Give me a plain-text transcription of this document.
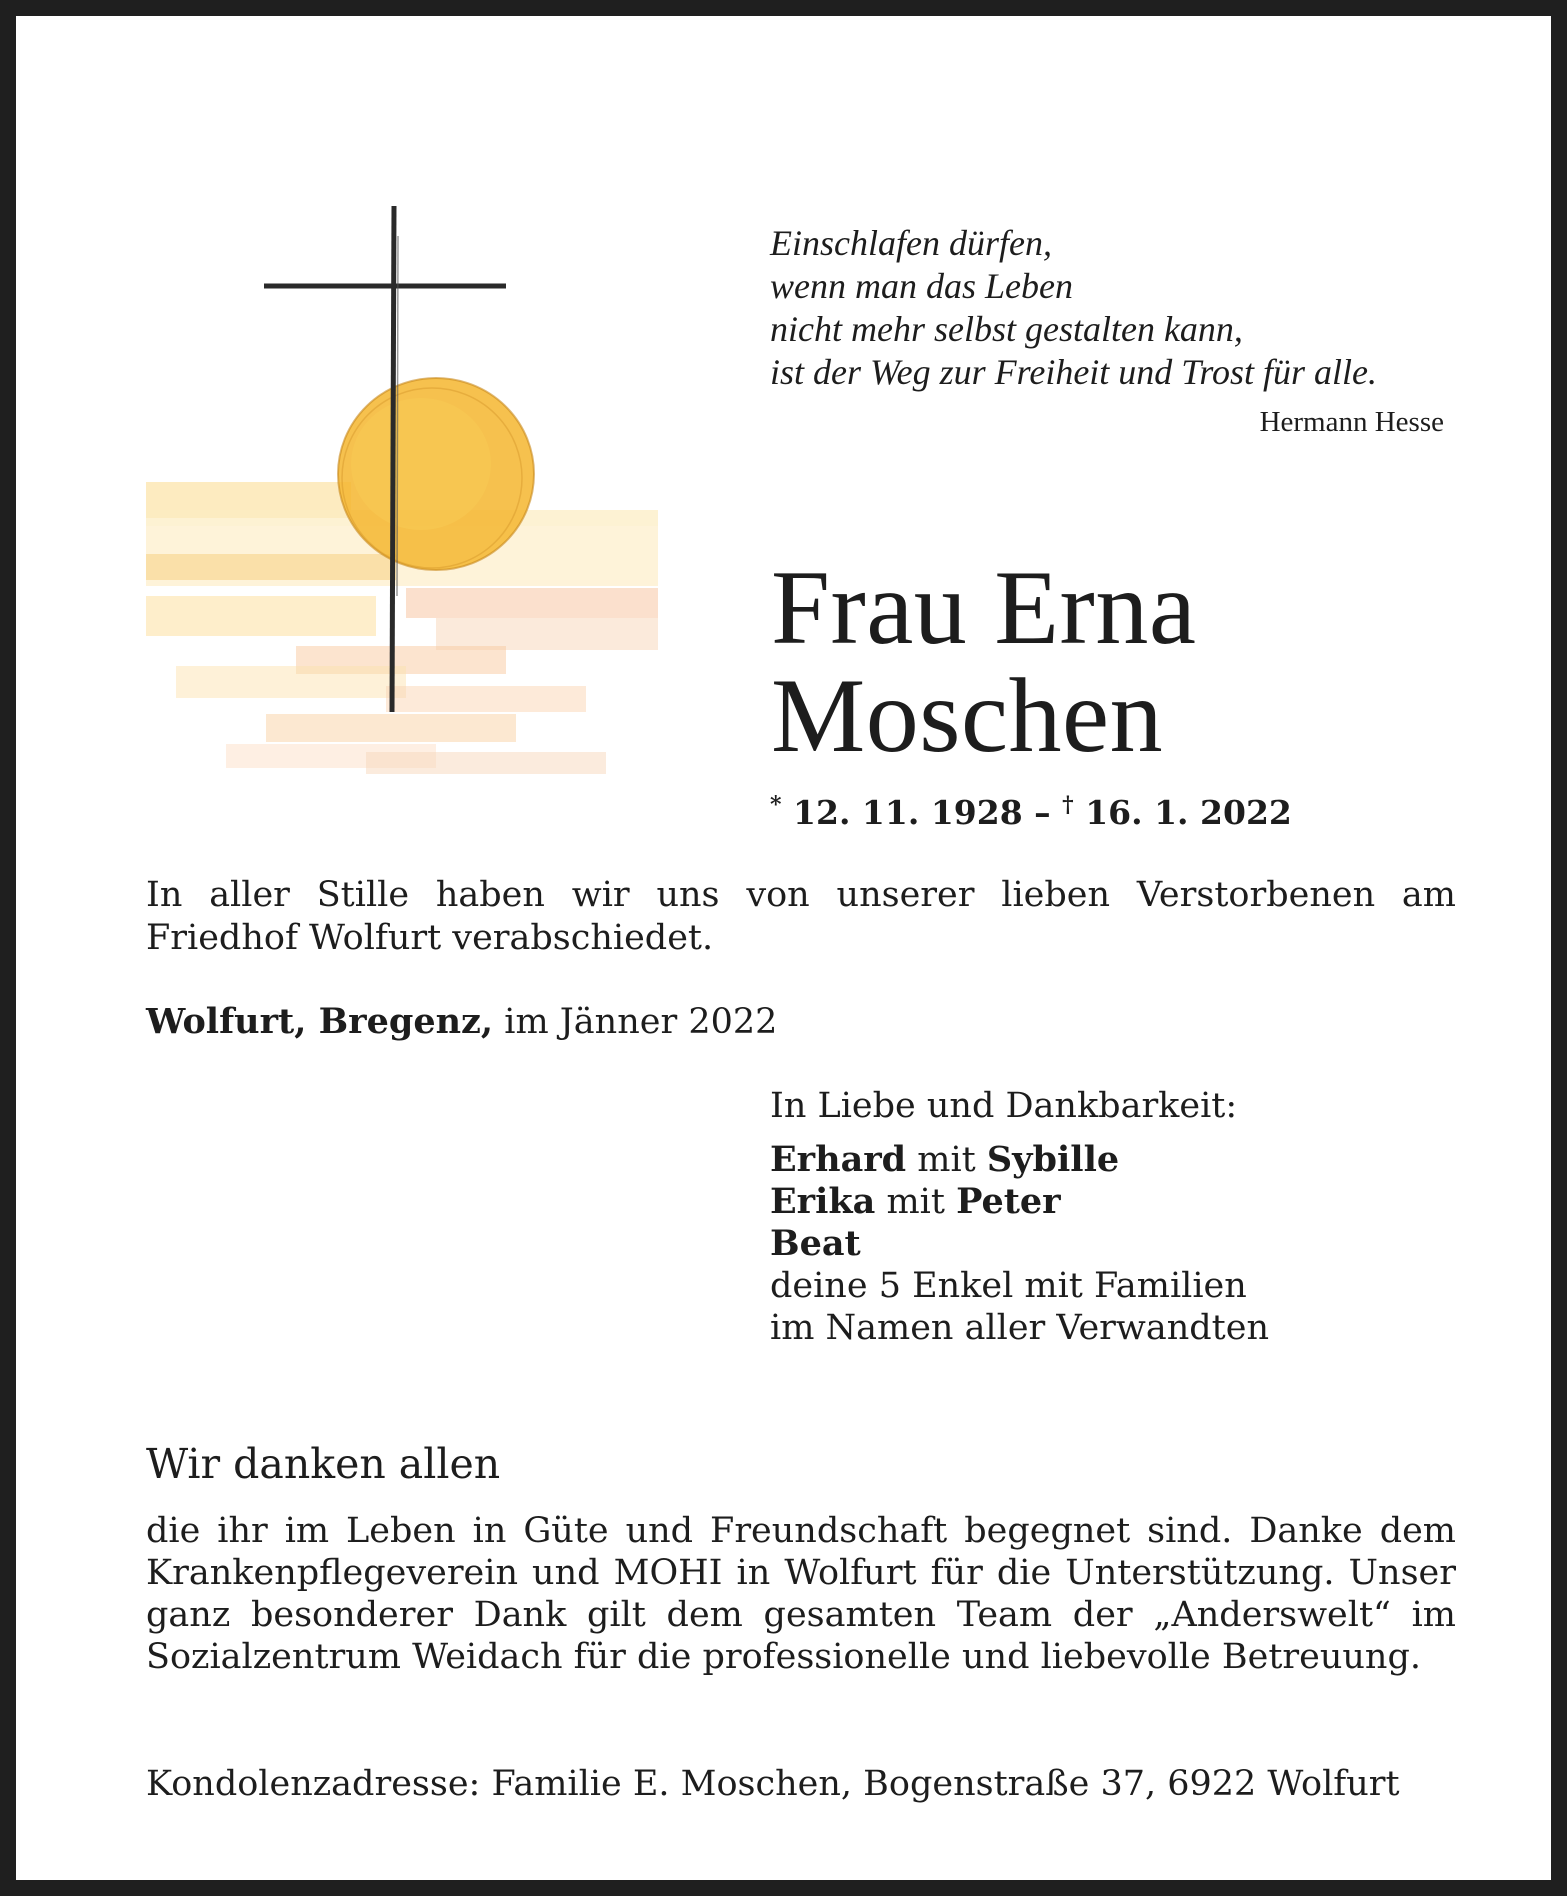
Einschlafen dürfen,
wenn man das Leben
nicht mehr selbst gestalten kann,
ist der Weg zur Freiheit und Trost für alle.
Hermann Hesse
Frau Erna
Moschen
* 12. 11. 1928 – † 16. 1. 2022
In aller Stille haben wir uns von unserer lieben Verstorbenen am Friedhof Wolfurt verabschiedet.
Wolfurt, Bregenz, im Jänner 2022
In Liebe und Dankbarkeit:
Erhard mit Sybille
Erika mit Peter
Beat
deine 5 Enkel mit Familien
im Namen aller Verwandten
Wir danken allen
die ihr im Leben in Güte und Freundschaft begegnet sind. Danke dem Krankenpflegeverein und MOHI in Wolfurt für die Unterstützung. Unser ganz besonderer Dank gilt dem gesamten Team der „Anderswelt“ im Sozialzentrum Weidach für die professionelle und liebevolle Betreuung.
Kondolenzadresse: Familie E. Moschen, Bogenstraße 37, 6922 Wolfurt
